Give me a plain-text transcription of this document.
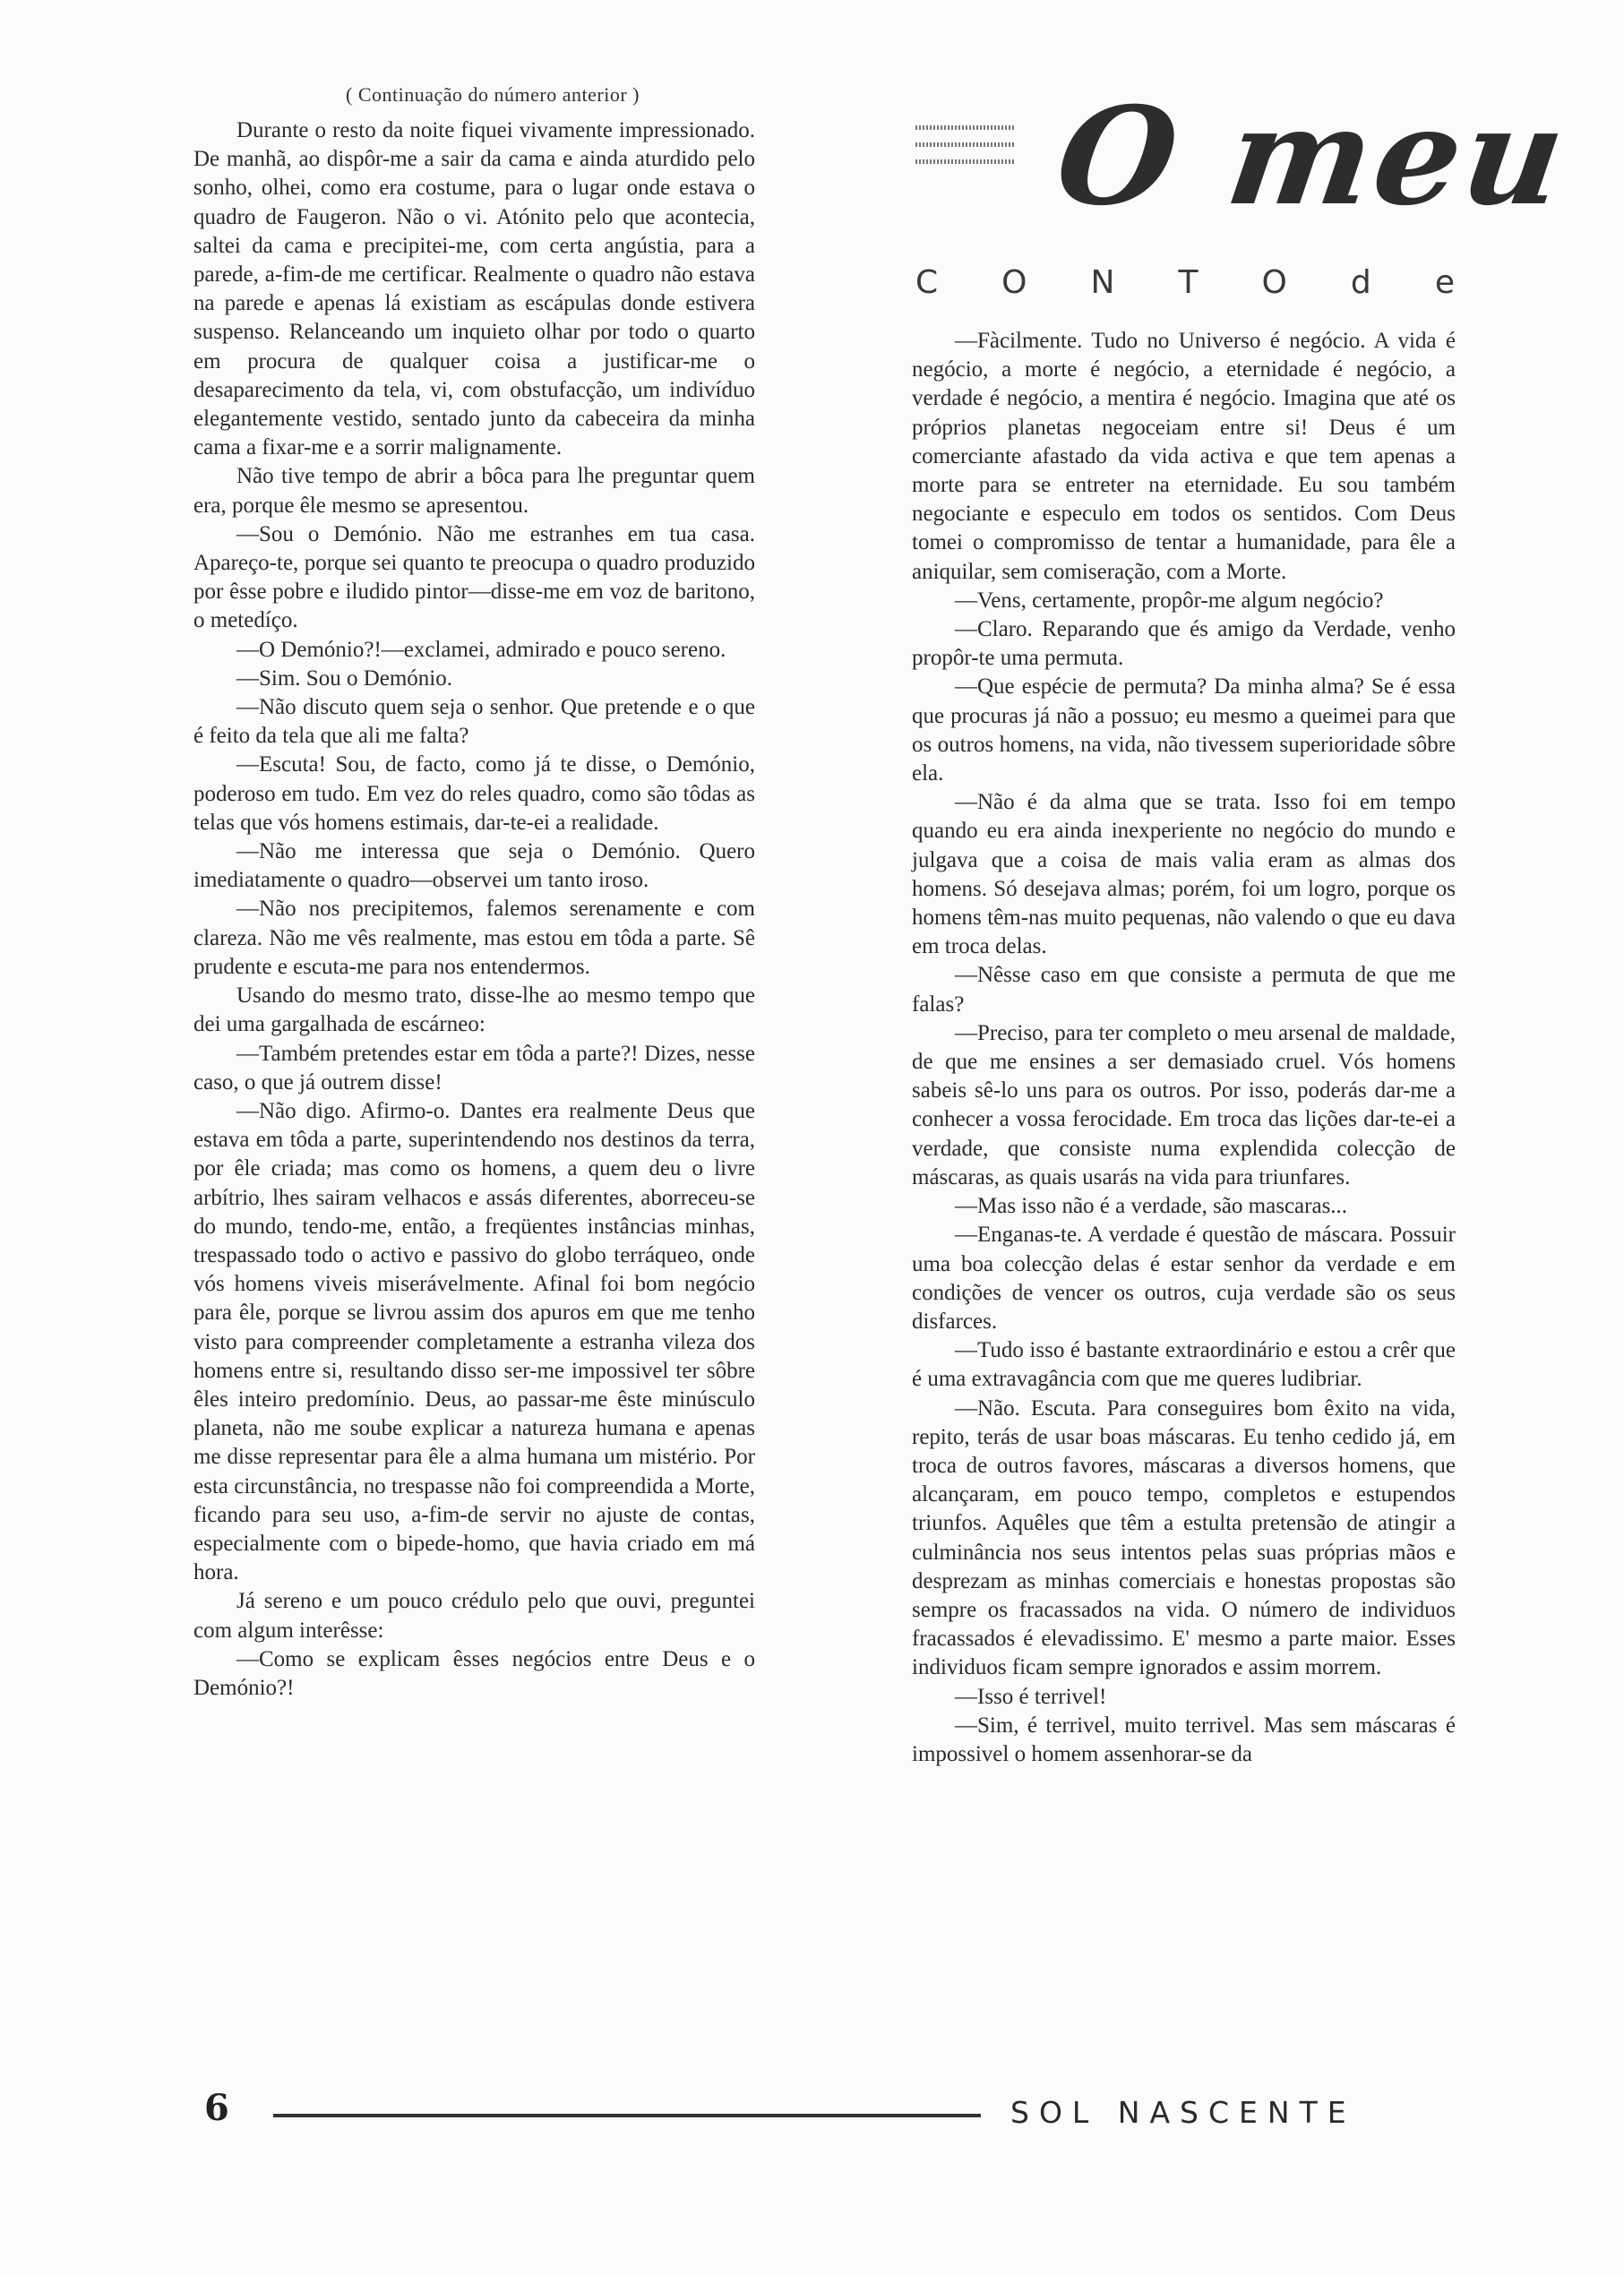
( Continuação do número anterior )

Durante o resto da noite fiquei vivamente impressionado. De manhã, ao dispôr-me a sair da cama e ainda aturdido pelo sonho, olhei, como era costume, para o lugar onde estava o quadro de Faugeron. Não o vi. Atónito pelo que acontecia, saltei da cama e precipitei-me, com certa angústia, para a parede, a-fim-de me certificar. Realmente o quadro não estava na parede e apenas lá existiam as escápulas donde estivera suspenso. Relanceando um inquieto olhar por todo o quarto em procura de qualquer coisa a justificar-me o desaparecimento da tela, vi, com obstufacção, um indivíduo elegantemente vestido, sentado junto da cabeceira da minha cama a fixar-me e a sorrir malignamente.

Não tive tempo de abrir a bôca para lhe preguntar quem era, porque êle mesmo se apresentou.

—Sou o Demónio. Não me estranhes em tua casa. Apareço-te, porque sei quanto te preocupa o quadro produzido por êsse pobre e iludido pintor—disse-me em voz de baritono, o metedíço.

—O Demónio?!—exclamei, admirado e pouco sereno.

—Sim. Sou o Demónio.

—Não discuto quem seja o senhor. Que pretende e o que é feito da tela que ali me falta?

—Escuta! Sou, de facto, como já te disse, o Demónio, poderoso em tudo. Em vez do reles quadro, como são tôdas as telas que vós homens estimais, dar-te-ei a realidade.

—Não me interessa que seja o Demónio. Quero imediatamente o quadro—observei um tanto iroso.

—Não nos precipitemos, falemos serenamente e com clareza. Não me vês realmente, mas estou em tôda a parte. Sê prudente e escuta-me para nos entendermos.

Usando do mesmo trato, disse-lhe ao mesmo tempo que dei uma gargalhada de escárneo:

—Também pretendes estar em tôda a parte?! Dizes, nesse caso, o que já outrem disse!

—Não digo. Afirmo-o. Dantes era realmente Deus que estava em tôda a parte, superintendendo nos destinos da terra, por êle criada; mas como os homens, a quem deu o livre arbítrio, lhes sairam velhacos e assás diferentes, aborreceu-se do mundo, tendo-me, então, a freqüentes instâncias minhas, trespassado todo o activo e passivo do globo terráqueo, onde vós homens viveis miserávelmente. Afinal foi bom negócio para êle, porque se livrou assim dos apuros em que me tenho visto para compreender completamente a estranha vileza dos homens entre si, resultando disso ser-me impossivel ter sôbre êles inteiro predomínio. Deus, ao passar-me êste minúsculo planeta, não me soube explicar a natureza humana e apenas me disse representar para êle a alma humana um mistério. Por esta circunstância, no trespasse não foi compreendida a Morte, ficando para seu uso, a-fim-de servir no ajuste de contas, especialmente com o bipede-homo, que havia criado em má hora.

Já sereno e um pouco crédulo pelo que ouvi, preguntei com algum interêsse:

—Como se explicam êsses negócios entre Deus e o Demónio?!

O meu
C O N T O d e

—Fàcilmente. Tudo no Universo é negócio. A vida é negócio, a morte é negócio, a eternidade é negócio, a verdade é negócio, a mentira é negócio. Imagina que até os próprios planetas negoceiam entre si! Deus é um comerciante afastado da vida activa e que tem apenas a morte para se entreter na eternidade. Eu sou também negociante e especulo em todos os sentidos. Com Deus tomei o compromisso de tentar a humanidade, para êle a aniquilar, sem comiseração, com a Morte.

—Vens, certamente, propôr-me algum negócio?

—Claro. Reparando que és amigo da Verdade, venho propôr-te uma permuta.

—Que espécie de permuta? Da minha alma? Se é essa que procuras já não a possuo; eu mesmo a queimei para que os outros homens, na vida, não tivessem superioridade sôbre ela.

—Não é da alma que se trata. Isso foi em tempo quando eu era ainda inexperiente no negócio do mundo e julgava que a coisa de mais valia eram as almas dos homens. Só desejava almas; porém, foi um logro, porque os homens têm-nas muito pequenas, não valendo o que eu dava em troca delas.

—Nêsse caso em que consiste a permuta de que me falas?

—Preciso, para ter completo o meu arsenal de maldade, de que me ensines a ser demasiado cruel. Vós homens sabeis sê-lo uns para os outros. Por isso, poderás dar-me a conhecer a vossa ferocidade. Em troca das lições dar-te-ei a verdade, que consiste numa explendida colecção de máscaras, as quais usarás na vida para triunfares.

—Mas isso não é a verdade, são mascaras...

—Enganas-te. A verdade é questão de máscara. Possuir uma boa colecção delas é estar senhor da verdade e em condições de vencer os outros, cuja verdade são os seus disfarces.

—Tudo isso é bastante extraordinário e estou a crêr que é uma extravagância com que me queres ludibriar.

—Não. Escuta. Para conseguires bom êxito na vida, repito, terás de usar boas máscaras. Eu tenho cedido já, em troca de outros favores, máscaras a diversos homens, que alcançaram, em pouco tempo, completos e estupendos triunfos. Aquêles que têm a estulta pretensão de atingir a culminância nos seus intentos pelas suas próprias mãos e desprezam as minhas comerciais e honestas propostas são sempre os fracassados na vida. O número de individuos fracassados é elevadissimo. E' mesmo a parte maior. Esses individuos ficam sempre ignorados e assim morrem.

—Isso é terrivel!

—Sim, é terrivel, muito terrivel. Mas sem máscaras é impossivel o homem assenhorar-se da

6	SOL NASCENTE
